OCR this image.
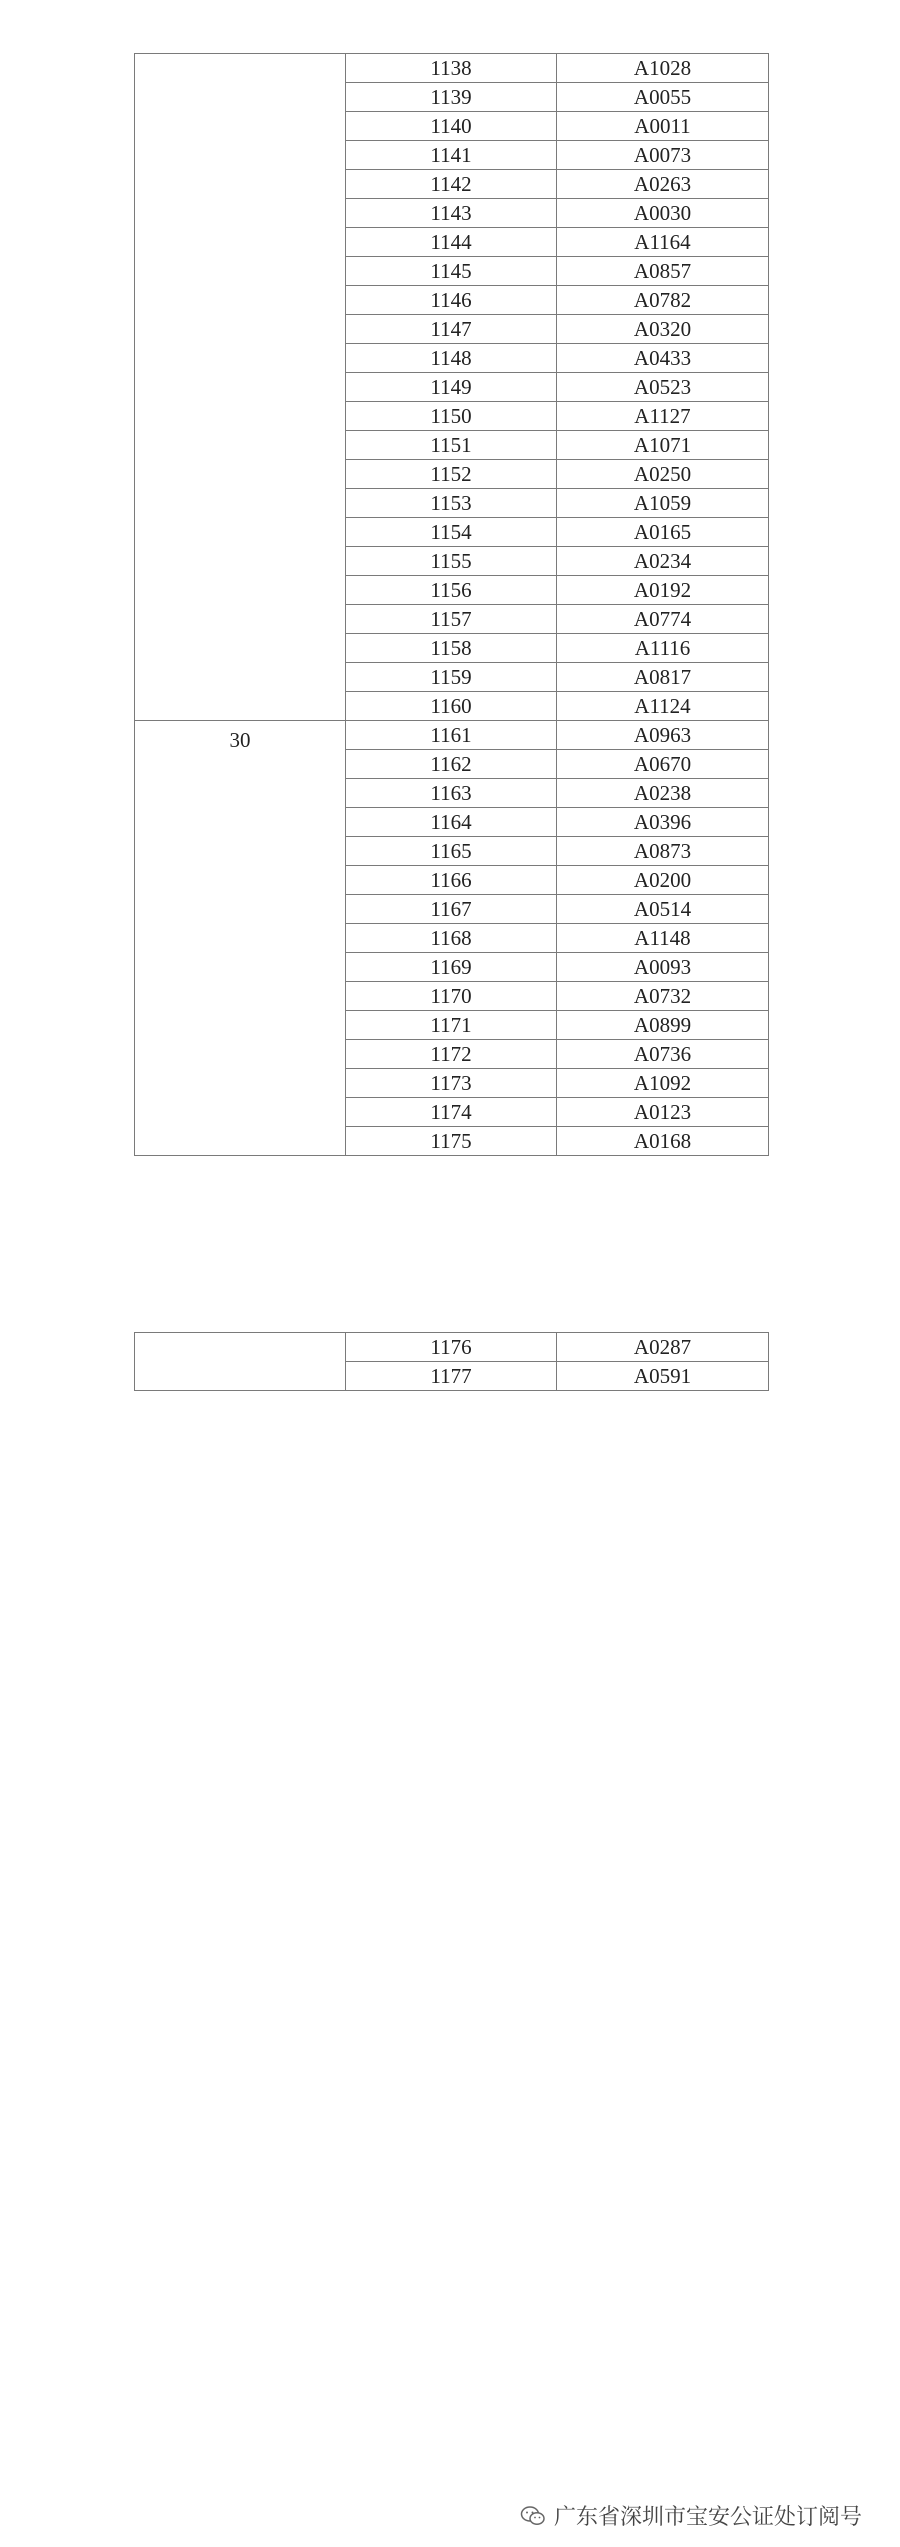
	1138	A1028
	1139	A0055
	1140	A0011
	1141	A0073
	1142	A0263
	1143	A0030
	1144	A1164
	1145	A0857
	1146	A0782
	1147	A0320
	1148	A0433
	1149	A0523
	1150	A1127
	1151	A1071
	1152	A0250
	1153	A1059
	1154	A0165
	1155	A0234
	1156	A0192
	1157	A0774
	1158	A1116
	1159	A0817
	1160	A1124

30	1161	A0963
	1162	A0670
	1163	A0238
	1164	A0396
	1165	A0873
	1166	A0200
	1167	A0514
	1168	A1148
	1169	A0093
	1170	A0732
	1171	A0899
	1172	A0736
	1173	A1092
	1174	A0123
	1175	A0168
	1176	A0287
	1177	A0591
广东省深圳市宝安公证处订阅号
